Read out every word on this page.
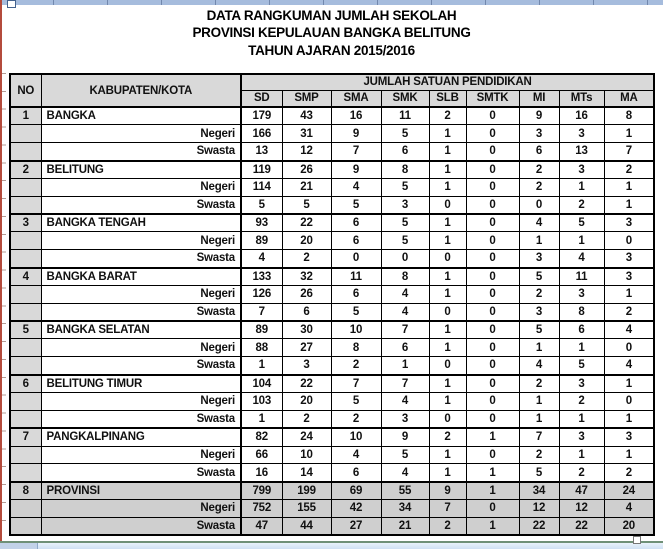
DATA RANGKUMAN JUMLAH SEKOLAH
PROVINSI KEPULAUAN BANGKA BELITUNG
TAHUN AJARAN 2015/2016
NO	KABUPATEN/KOTA	JUMLAH SATUAN PENDIDIKAN								
		SD	SMP	SMA	SMK	SLB	SMTK	MI	MTs	MA
1	BANGKA	179	43	16	11	2	0	9	16	8
	Negeri	166	31	9	5	1	0	3	3	1
	Swasta	13	12	7	6	1	0	6	13	7
2	BELITUNG	119	26	9	8	1	0	2	3	2
	Negeri	114	21	4	5	1	0	2	1	1
	Swasta	5	5	5	3	0	0	0	2	1
3	BANGKA TENGAH	93	22	6	5	1	0	4	5	3
	Negeri	89	20	6	5	1	0	1	1	0
	Swasta	4	2	0	0	0	0	3	4	3
4	BANGKA BARAT	133	32	11	8	1	0	5	11	3
	Negeri	126	26	6	4	1	0	2	3	1
	Swasta	7	6	5	4	0	0	3	8	2
5	BANGKA SELATAN	89	30	10	7	1	0	5	6	4
	Negeri	88	27	8	6	1	0	1	1	0
	Swasta	1	3	2	1	0	0	4	5	4
6	BELITUNG TIMUR	104	22	7	7	1	0	2	3	1
	Negeri	103	20	5	4	1	0	1	2	0
	Swasta	1	2	2	3	0	0	1	1	1
7	PANGKALPINANG	82	24	10	9	2	1	7	3	3
	Negeri	66	10	4	5	1	0	2	1	1
	Swasta	16	14	6	4	1	1	5	2	2
8	PROVINSI	799	199	69	55	9	1	34	47	24
	Negeri	752	155	42	34	7	0	12	12	4
	Swasta	47	44	27	21	2	1	22	22	20
